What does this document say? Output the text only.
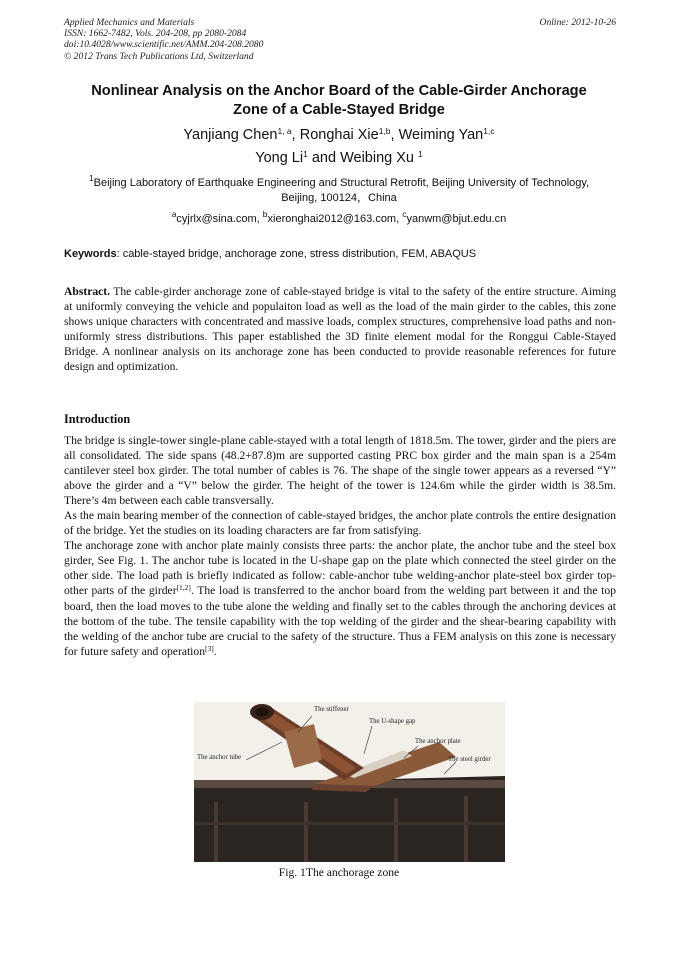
Applied Mechanics and Materials
ISSN: 1662-7482, Vols. 204-208, pp 2080-2084
doi:10.4028/www.scientific.net/AMM.204-208.2080
© 2012 Trans Tech Publications Ltd, Switzerland
Online: 2012-10-26
Nonlinear Analysis on the Anchor Board of the Cable-Girder Anchorage
Zone of a Cable-Stayed Bridge
Yanjiang Chen$^{1, a}$, Ronghai Xie$^{1,b}$, Weiming Yan$^{1,c}$
Yong Li$^1$ and Weibing Xu $^1$
$^1$Beijing Laboratory of Earthquake Engineering and Structural Retrofit, Beijing University of Technology, Beijing, 100124，China
$^a$cyjrlx@sina.com, $^b$xieronghai2012@163.com, $^c$yanwm@bjut.edu.cn
Keywords: cable-stayed bridge, anchorage zone, stress distribution, FEM, ABAQUS
Abstract. The cable-girder anchorage zone of cable-stayed bridge is vital to the safety of the entire structure. Aiming at uniformly conveying the vehicle and populaiton load as well as the load of the main girder to the cables, this zone shows unique characters with concentrated and massive loads, complex structures, comprehensive load paths and non-uniformly stress distributions. This paper established the 3D finite element modal for the Ronggui Cable-Stayed Bridge. A nonlinear analysis on its anchorage zone has been conducted to provide reasonable references for future design and optimization.
Introduction

The bridge is single-tower single-plane cable-stayed with a total length of 1818.5m. The tower, girder and the piers are all consolidated. The side spans (48.2+87.8)m are supported casting PRC box girder and the main span is a 254m cantilever steel box girder. The total number of cables is 76. The shape of the single tower appears as a reversed “Y” above the girder and a “V” below the girder. The height of the tower is 124.6m while the girder width is 38.5m. There’s 4m between each cable transversally.

As the main bearing member of the connection of cable-stayed bridges, the anchor plate controls the entire designation of the bridge. Yet the studies on its loading characters are far from satisfying.

The anchorage zone with anchor plate mainly consists three parts: the anchor plate, the anchor tube and the steel box girder, See Fig. 1. The anchor tube is located in the U-shape gap on the plate which connected the steel girder on the other side. The load path is briefly indicated as follow: cable-anchor tube welding-anchor plate-steel box girder top-other parts of the girder[1,2]. The load is transferred to the anchor board from the welding part between it and the top board, then the load moves to the tube alone the welding and finally set to the cables through the anchoring devices at the bottom of the tube. The tensile capability with the top welding of the girder and the shear-bearing capability with the welding of the anchor tube are crucial to the safety of the structure. Thus a FEM analysis on this zone is necessary for future safety and operation[3].

The stiffener
The U-shape gap
The anchor plate
The anchor tube	The steel girder
Fig. 1The anchorage zone
